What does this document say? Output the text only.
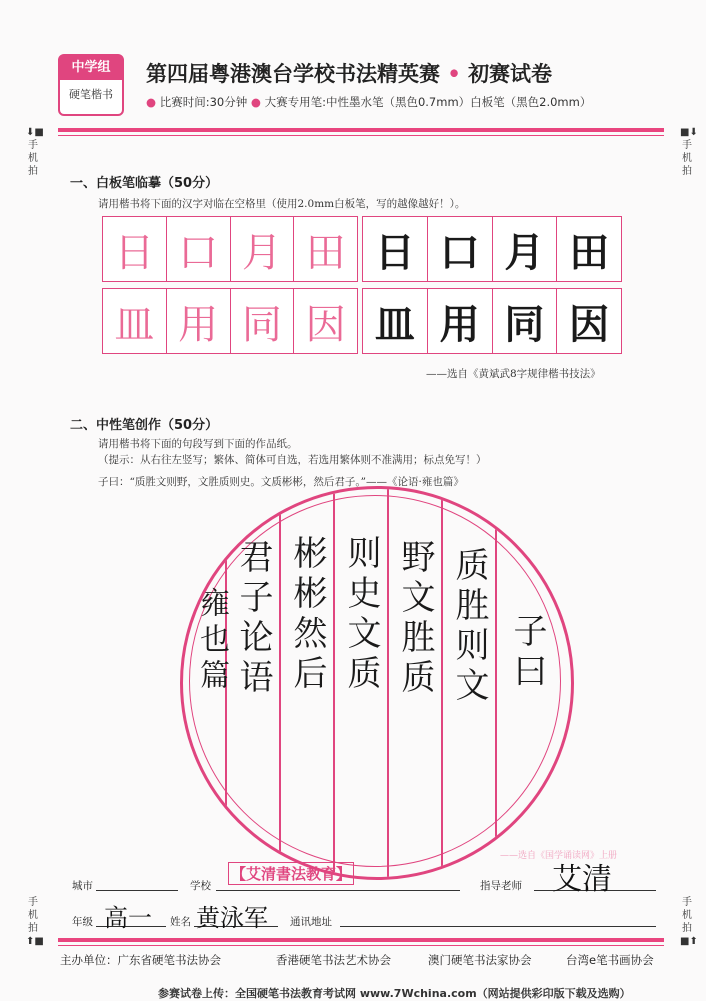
中学组
硬笔楷书
第四届粤港澳台学校书法精英赛 • 初赛试卷
● 比赛时间:30分钟 ● 大赛专用笔:中性墨水笔（黑色0.7mm）白板笔（黑色2.0mm）
⬇■
手
机
拍
■⬇
手
机
拍
手
机
拍
⬆■
手
机
拍
■⬆
一、白板笔临摹（50分）
请用楷书将下面的汉字对临在空格里（使用2.0mm白板笔，写的越像越好！）。
日 口 月 田 日 口 月 田
皿 用 同 因 皿 用 同 因
——选自《黄斌武8字规律楷书技法》
二、中性笔创作（50分）
请用楷书将下面的句段写到下面的作品纸。
（提示：从右往左竖写；繁体、简体可自选，若选用繁体则不准满用；标点免写！）
子曰：“质胜文则野，文胜质则史。文质彬彬，然后君子。”——《论语·雍也篇》
子曰
质胜则文
野文胜质
则史文质
彬彬然后
君子论语
雍也篇
——选自《国学诵读网》上册
城市	学校
【艾清書法教育】
指导老师 艾清
年级 高一 姓名 黄泳军 通讯地址
主办单位：广东省硬笔书法协会	香港硬笔书法艺术协会	澳门硬笔书法家协会	台湾e笔书画协会
参赛试卷上传：全国硬笔书法教育考试网 www.7Wchina.com（网站提供彩印版下载及选购）
